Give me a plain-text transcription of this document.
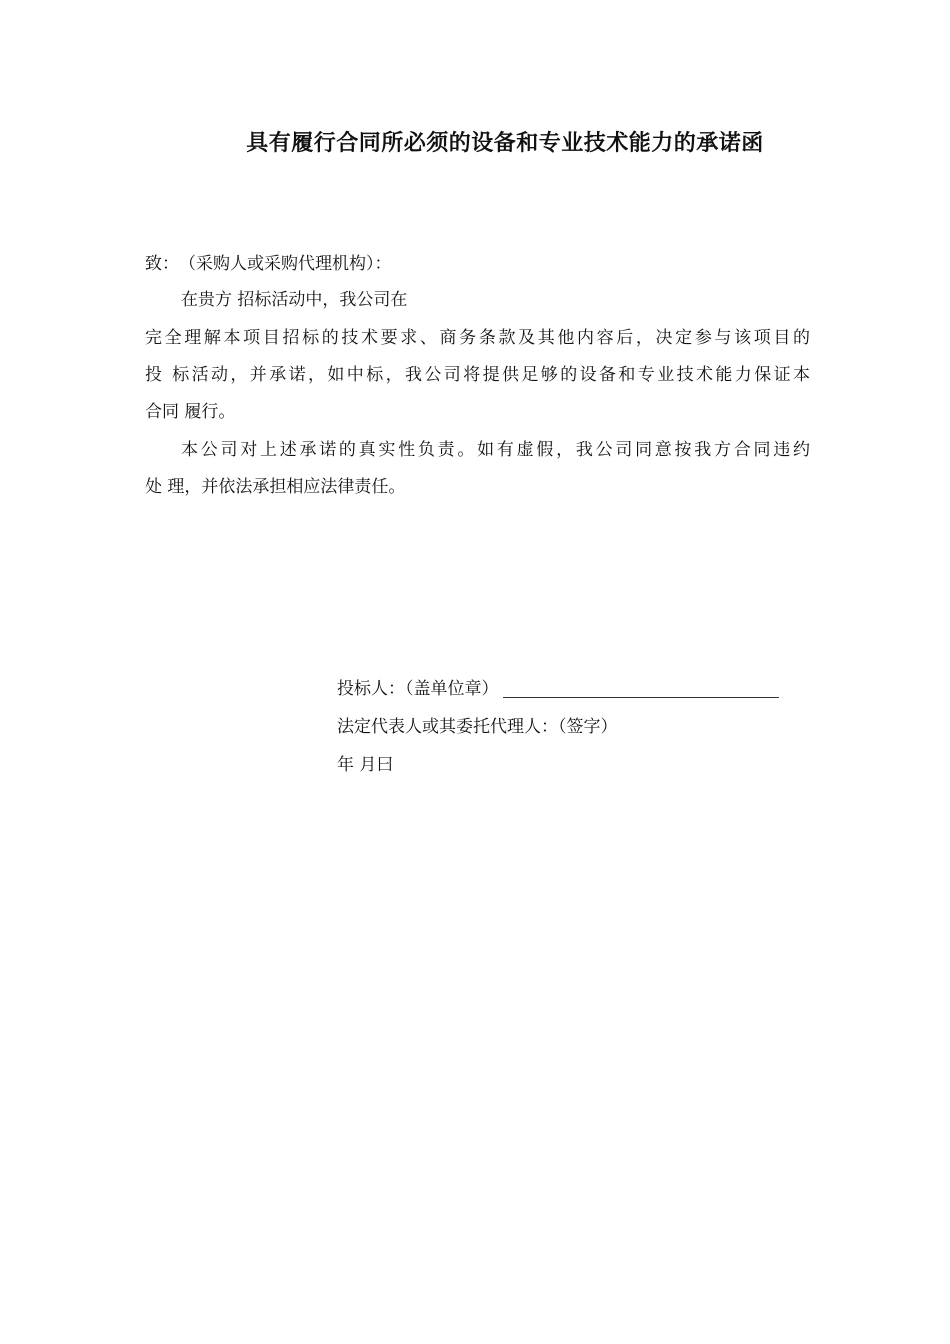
具有履行合同所必须的设备和专业技术能力的承诺函
致：　（采购人或采购代理机构）：
在贵方 招标活动中，我公司在
完全理解本项目招标的技术要求、商务条款及其他内容后，决定参与该项目的
投 标活动，并承诺，如中标，我公司将提供足够的设备和专业技术能力保证本
合同 履行。
本公司对上述承诺的真实性负责。如有虚假，我公司同意按我方合同违约
处 理，并依法承担相应法律责任。
投标人：（盖单位章）
法定代表人或其委托代理人：（签字）
年 月曰
